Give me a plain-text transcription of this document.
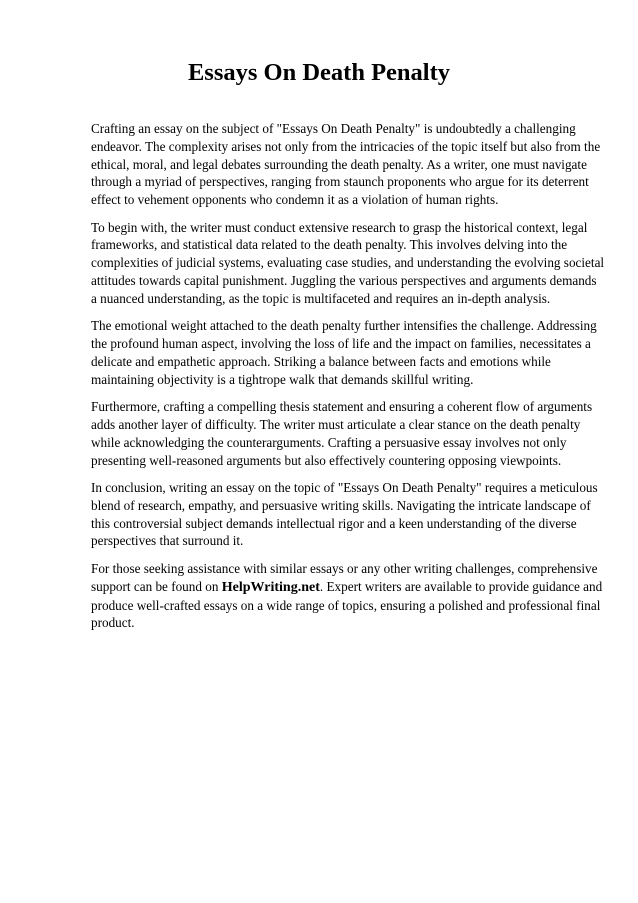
Essays On Death Penalty

Crafting an essay on the subject of "Essays On Death Penalty" is undoubtedly a challenging
endeavor. The complexity arises not only from the intricacies of the topic itself but also from the
ethical, moral, and legal debates surrounding the death penalty. As a writer, one must navigate
through a myriad of perspectives, ranging from staunch proponents who argue for its deterrent
effect to vehement opponents who condemn it as a violation of human rights.

To begin with, the writer must conduct extensive research to grasp the historical context, legal
frameworks, and statistical data related to the death penalty. This involves delving into the
complexities of judicial systems, evaluating case studies, and understanding the evolving societal
attitudes towards capital punishment. Juggling the various perspectives and arguments demands
a nuanced understanding, as the topic is multifaceted and requires an in-depth analysis.

The emotional weight attached to the death penalty further intensifies the challenge. Addressing
the profound human aspect, involving the loss of life and the impact on families, necessitates a
delicate and empathetic approach. Striking a balance between facts and emotions while
maintaining objectivity is a tightrope walk that demands skillful writing.

Furthermore, crafting a compelling thesis statement and ensuring a coherent flow of arguments
adds another layer of difficulty. The writer must articulate a clear stance on the death penalty
while acknowledging the counterarguments. Crafting a persuasive essay involves not only
presenting well-reasoned arguments but also effectively countering opposing viewpoints.

In conclusion, writing an essay on the topic of "Essays On Death Penalty" requires a meticulous
blend of research, empathy, and persuasive writing skills. Navigating the intricate landscape of
this controversial subject demands intellectual rigor and a keen understanding of the diverse
perspectives that surround it.

For those seeking assistance with similar essays or any other writing challenges, comprehensive
support can be found on HelpWriting.net. Expert writers are available to provide guidance and
produce well-crafted essays on a wide range of topics, ensuring a polished and professional final
product.
